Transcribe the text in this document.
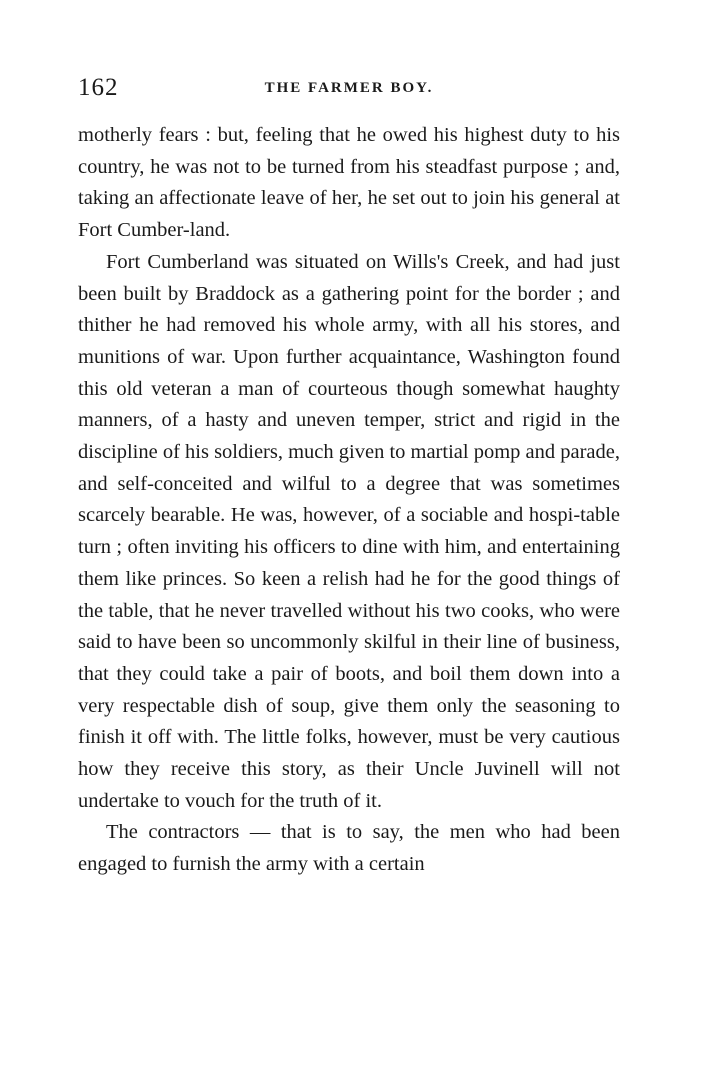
162	THE FARMER BOY.

motherly fears : but, feeling that he owed his highest duty to his country, he was not to be turned from his steadfast purpose ; and, taking an affectionate leave of her, he set out to join his general at Fort Cumber-land.

Fort Cumberland was situated on Wills's Creek, and had just been built by Braddock as a gathering point for the border ; and thither he had removed his whole army, with all his stores, and munitions of war. Upon further acquaintance, Washington found this old veteran a man of courteous though somewhat haughty manners, of a hasty and uneven temper, strict and rigid in the discipline of his soldiers, much given to martial pomp and parade, and self-conceited and wilful to a degree that was sometimes scarcely bearable. He was, however, of a sociable and hospi-table turn ; often inviting his officers to dine with him, and entertaining them like princes. So keen a relish had he for the good things of the table, that he never travelled without his two cooks, who were said to have been so uncommonly skilful in their line of business, that they could take a pair of boots, and boil them down into a very respectable dish of soup, give them only the seasoning to finish it off with. The little folks, however, must be very cautious how they receive this story, as their Uncle Juvinell will not undertake to vouch for the truth of it.

The contractors — that is to say, the men who had been engaged to furnish the army with a certain
